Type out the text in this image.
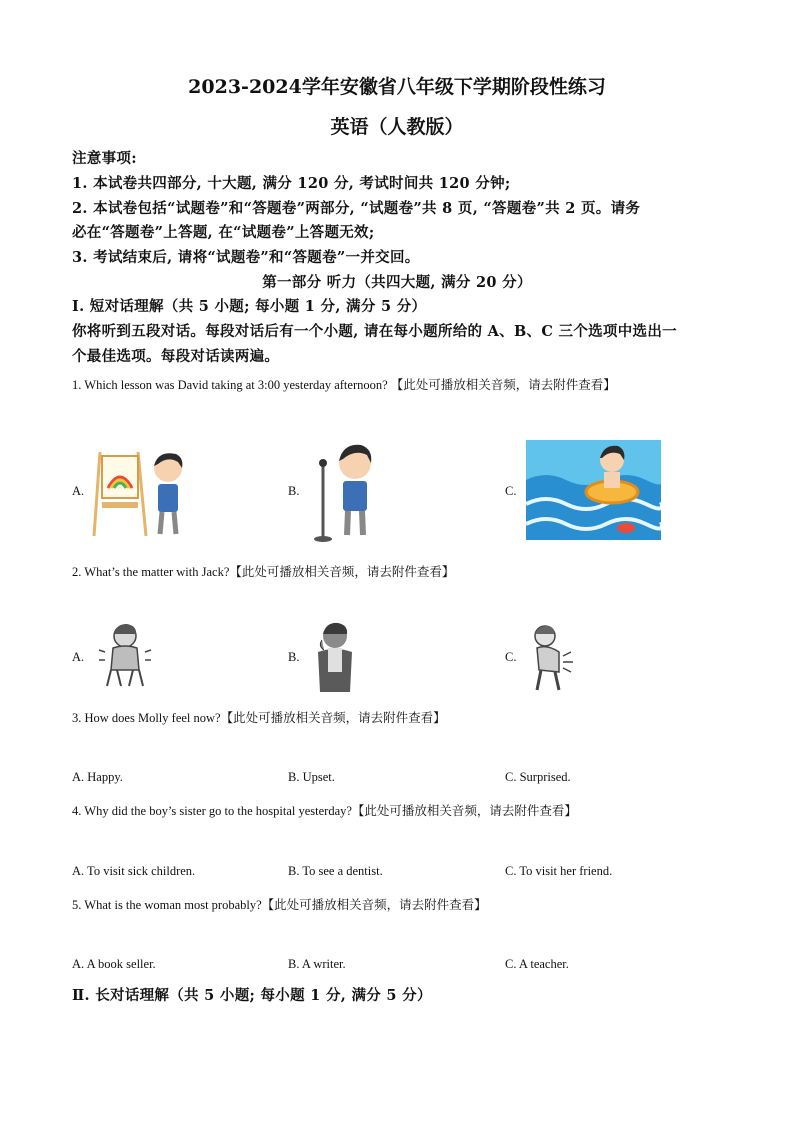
2023-2024学年安徽省八年级下学期阶段性练习
英语（人教版）
注意事项:
1. 本试卷共四部分, 十大题, 满分 120 分, 考试时间共 120 分钟;
2. 本试卷包括“试题卷”和“答题卷”两部分, “试题卷”共 8 页, “答题卷”共 2 页。请务
必在“答题卷”上答题, 在“试题卷”上答题无效;
3. 考试结束后, 请将“试题卷”和“答题卷”一并交回。
第一部分 听力（共四大题, 满分 20 分）
I. 短对话理解（共 5 小题; 每小题 1 分, 满分 5 分）
你将听到五段对话。每段对话后有一个小题, 请在每小题所给的 A、B、C 三个选项中选出一
个最佳选项。每段对话读两遍。
1. Which lesson was David taking at 3:00 yesterday afternoon? 【此处可播放相关音频，请去附件查看】
A.	B.	C.
2. What’s the matter with Jack?【此处可播放相关音频，请去附件查看】
A.	B.	C.
3. How does Molly feel now?【此处可播放相关音频，请去附件查看】
A. Happy.	B. Upset.	C. Surprised.
4. Why did the boy’s sister go to the hospital yesterday?【此处可播放相关音频，请去附件查看】
A. To visit sick children.	B. To see a dentist.	C. To visit her friend.
5. What is the woman most probably?【此处可播放相关音频，请去附件查看】
A. A book seller.	B. A writer.	C. A teacher.
Ⅱ. 长对话理解（共 5 小题; 每小题 1 分, 满分 5 分）
